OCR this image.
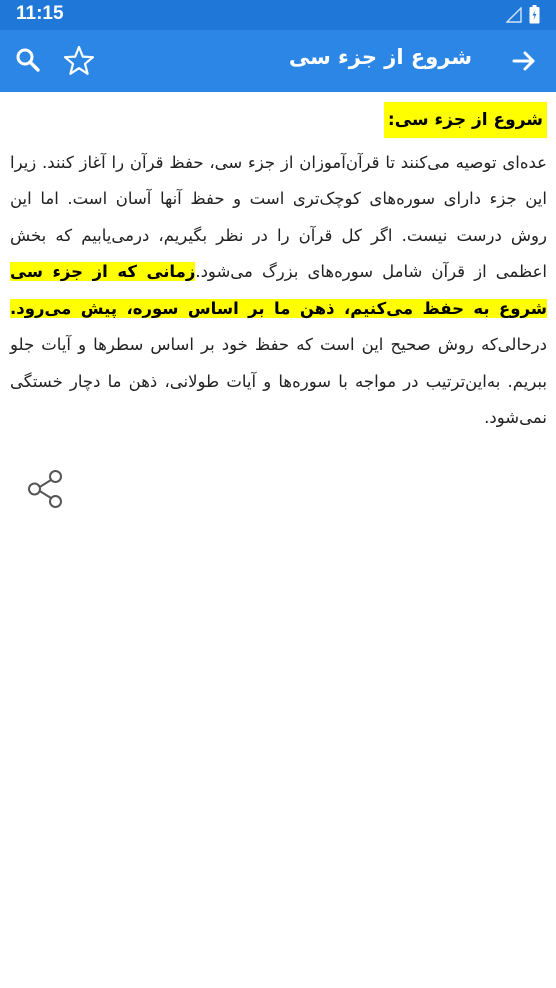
11:15
شروع از جزء سی
شروع از جزء سی:

عده‌ای توصیه می‌کنند تا قرآن‌آموزان از جزء سی، حفظ قرآن را آغاز کنند. زیرا این جزء دارای سوره‌های کوچک‌تری است و حفظ آنها آسان است. اما این روش درست نیست. اگر کل قرآن را در نظر بگیریم، درمی‌یابیم که بخش اعظمی از قرآن شامل سوره‌های بزرگ می‌شود.زمانی که از جزء سی شروع به حفظ می‌کنیم، ذهن ما بر اساس سوره، پیش می‌رود. درحالی‌که روش صحیح این است که حفظ خود بر اساس سطرها و آیات جلو ببریم. به‌این‌ترتیب در مواجه با سوره‌ها و آیات طولانی، ذهن ما دچار خستگی نمی‌شود.
